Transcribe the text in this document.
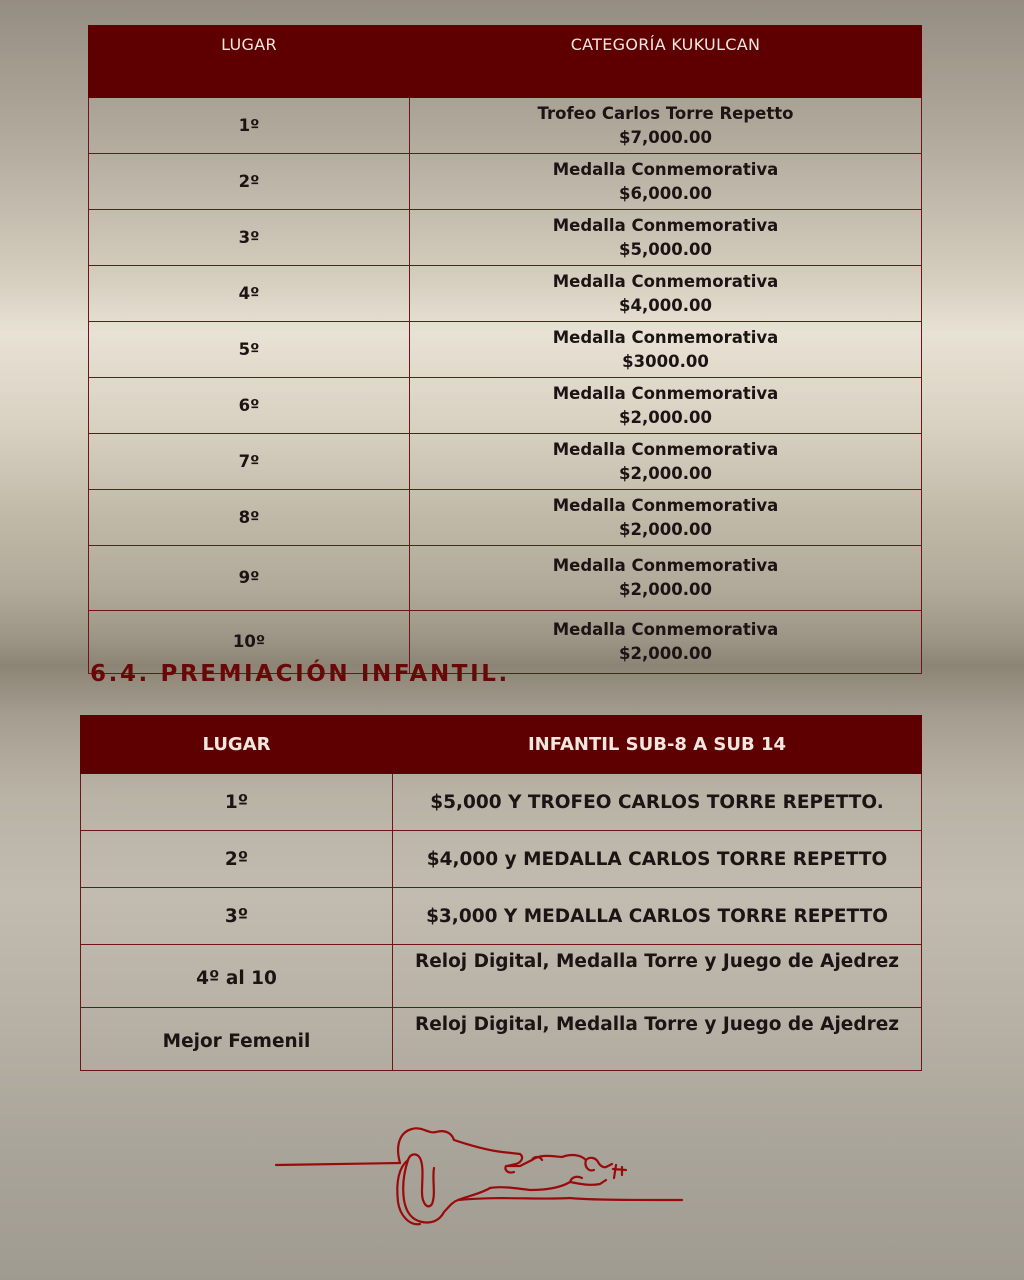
LUGAR	CATEGORÍA KUKULCAN
1º	Trofeo Carlos Torre Repetto
$7,000.00
2º	Medalla Conmemorativa
$6,000.00
3º	Medalla Conmemorativa
$5,000.00
4º	Medalla Conmemorativa
$4,000.00
5º	Medalla Conmemorativa
$3000.00
6º	Medalla Conmemorativa
$2,000.00
7º	Medalla Conmemorativa
$2,000.00
8º	Medalla Conmemorativa
$2,000.00
9º	Medalla Conmemorativa
$2,000.00
10º	Medalla Conmemorativa
$2,000.00
6.4. PREMIACIÓN INFANTIL.
LUGAR	INFANTIL SUB-8 A SUB 14
1º	$5,000 Y TROFEO CARLOS TORRE REPETTO.
2º	$4,000 y MEDALLA CARLOS TORRE REPETTO
3º	$3,000 Y MEDALLA CARLOS TORRE REPETTO
4º al 10	Reloj Digital, Medalla Torre y Juego de Ajedrez
Mejor Femenil	Reloj Digital, Medalla Torre y Juego de Ajedrez
